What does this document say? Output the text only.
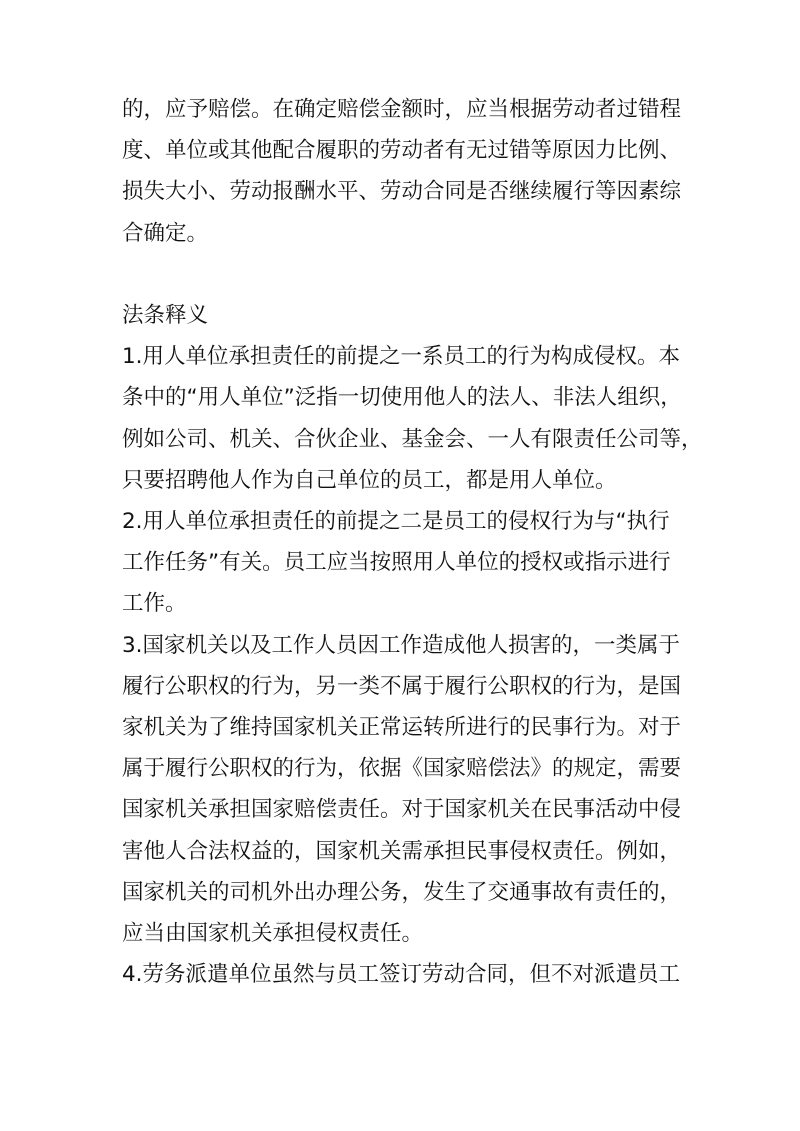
的，应予赔偿。在确定赔偿金额时，应当根据劳动者过错程
度、单位或其他配合履职的劳动者有无过错等原因力比例、
损失大小、劳动报酬水平、劳动合同是否继续履行等因素综
合确定。
法条释义
1.用人单位承担责任的前提之一系员工的行为构成侵权。本
条中的“用人单位”泛指一切使用他人的法人、非法人组织，
例如公司、机关、合伙企业、基金会、一人有限责任公司等，
只要招聘他人作为自己单位的员工，都是用人单位。
2.用人单位承担责任的前提之二是员工的侵权行为与“执行
工作任务”有关。员工应当按照用人单位的授权或指示进行
工作。
3.国家机关以及工作人员因工作造成他人损害的，一类属于
履行公职权的行为，另一类不属于履行公职权的行为，是国
家机关为了维持国家机关正常运转所进行的民事行为。对于
属于履行公职权的行为，依据《国家赔偿法》的规定，需要
国家机关承担国家赔偿责任。对于国家机关在民事活动中侵
害他人合法权益的，国家机关需承担民事侵权责任。例如，
国家机关的司机外出办理公务，发生了交通事故有责任的，
应当由国家机关承担侵权责任。
4.劳务派遣单位虽然与员工签订劳动合同，但不对派遣员工
